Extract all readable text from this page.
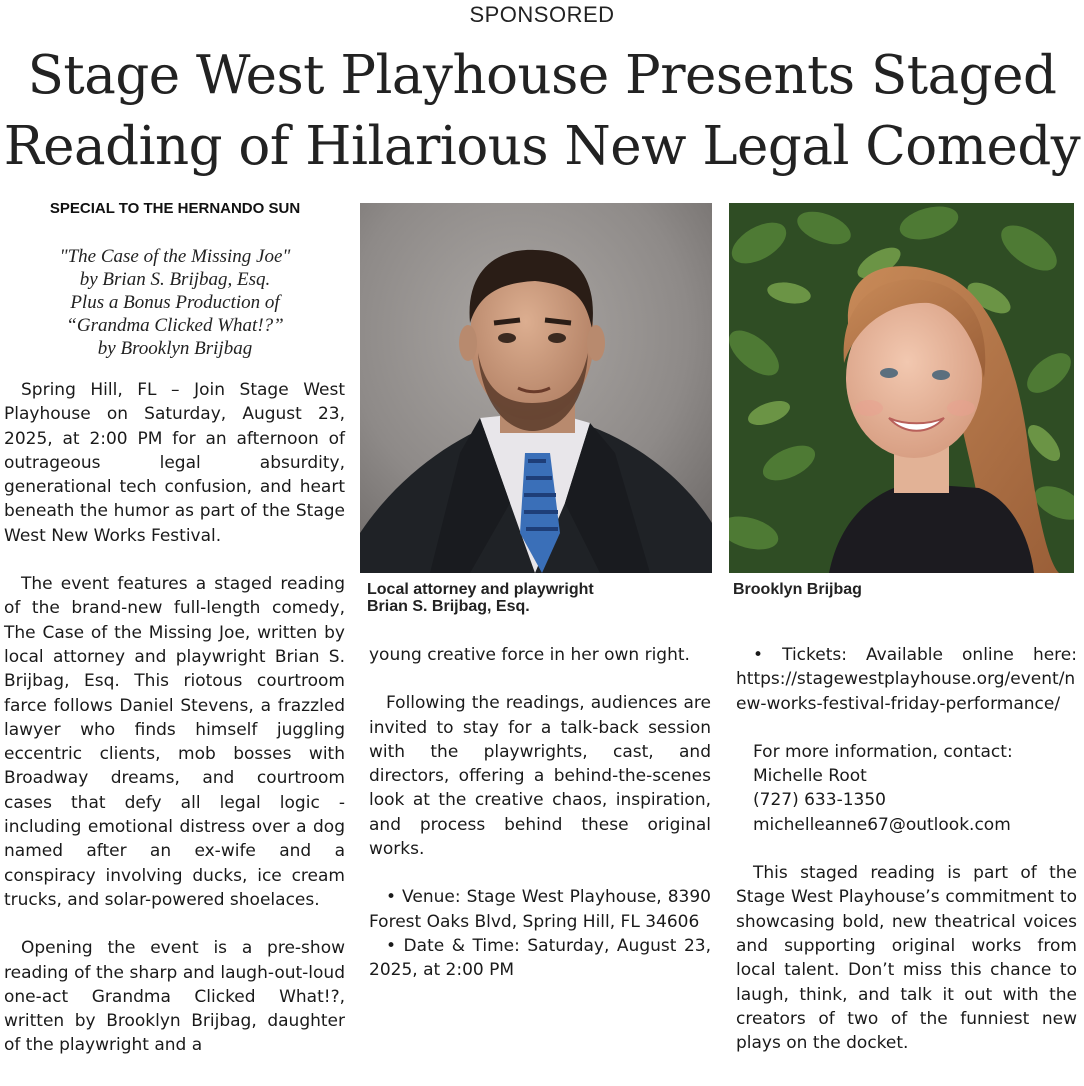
SPONSORED
Stage West Playhouse Presents Staged
Reading of Hilarious New Legal Comedy
SPECIAL TO THE HERNANDO SUN
"The Case of the Missing Joe"
by Brian S. Brijbag, Esq.
Plus a Bonus Production of
“Grandma Clicked What!?”
by Brooklyn Brijbag

Spring Hill, FL – Join Stage West Playhouse on Saturday, August 23, 2025, at 2:00 PM for an afternoon of outrageous legal absurdity, generational tech confusion, and heart beneath the humor as part of the Stage West New Works Festival.

The event features a staged reading of the brand-new full-length comedy, The Case of the Missing Joe, written by local attorney and playwright Brian S. Brijbag, Esq. This riotous courtroom farce follows Daniel Stevens, a frazzled lawyer who finds himself juggling eccentric clients, mob bosses with Broadway dreams, and courtroom cases that defy all legal logic - including emotional distress over a dog named after an ex-wife and a conspiracy involving ducks, ice cream trucks, and solar-powered shoelaces.

Opening the event is a pre-show reading of the sharp and laugh-out-loud one-act Grandma Clicked What!?, written by Brooklyn Brijbag, daughter of the playwright and a

Local attorney and playwright
Brian S. Brijbag, Esq.
Brooklyn Brijbag

young creative force in her own right.

Following the readings, audiences are invited to stay for a talk-back session with the playwrights, cast, and directors, offering a behind-the-scenes look at the creative chaos, inspiration, and process behind these original works.

• Venue: Stage West Playhouse, 8390 Forest Oaks Blvd, Spring Hill, FL 34606

• Date & Time: Saturday, August 23, 2025, at 2:00 PM

• Tickets: Available online here:

https://stagewestplayhouse.org/event/new-works-festival-friday-performance/

For more information, contact:
Michelle Root
(727) 633-1350
michelleanne67@outlook.com

This staged reading is part of the Stage West Playhouse’s commitment to showcasing bold, new theatrical voices and supporting original works from local talent. Don’t miss this chance to laugh, think, and talk it out with the creators of two of the funniest new plays on the docket.
